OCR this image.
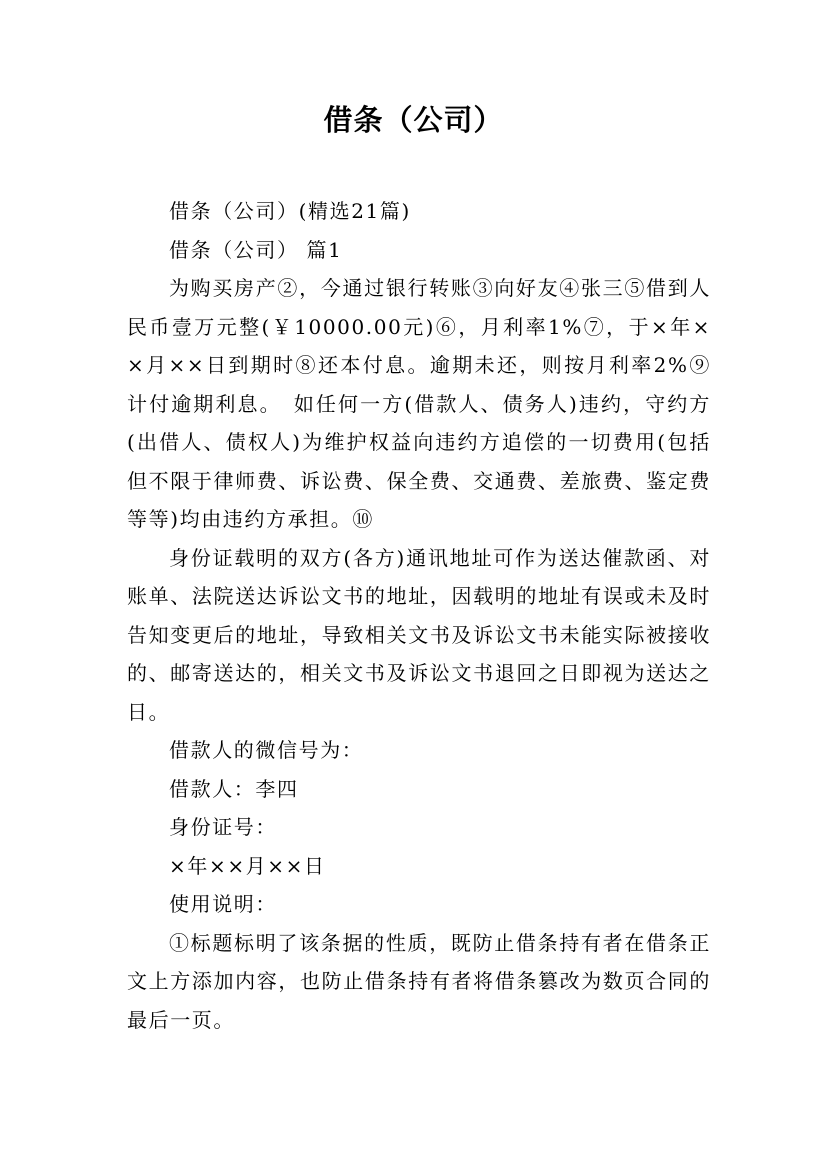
借条（公司）

借条（公司）(精选21篇)

借条（公司） 篇1

为购买房产②，今通过银行转账③向好友④张三⑤借到人民币壹万元整(￥10000.00元)⑥，月利率1%⑦，于×年××月××日到期时⑧还本付息。逾期未还，则按月利率2%⑨计付逾期利息。　如任何一方(借款人、债务人)违约，守约方(出借人、债权人)为维护权益向违约方追偿的一切费用(包括但不限于律师费、诉讼费、保全费、交通费、差旅费、鉴定费等等)均由违约方承担。⑩

身份证载明的双方(各方)通讯地址可作为送达催款函、对账单、法院送达诉讼文书的地址，因载明的地址有误或未及时告知变更后的地址，导致相关文书及诉讼文书未能实际被接收的、邮寄送达的，相关文书及诉讼文书退回之日即视为送达之日。

借款人的微信号为：

借款人：李四

身份证号：

×年××月××日

使用说明：

①标题标明了该条据的性质，既防止借条持有者在借条正文上方添加内容，也防止借条持有者将借条篡改为数页合同的最后一页。
